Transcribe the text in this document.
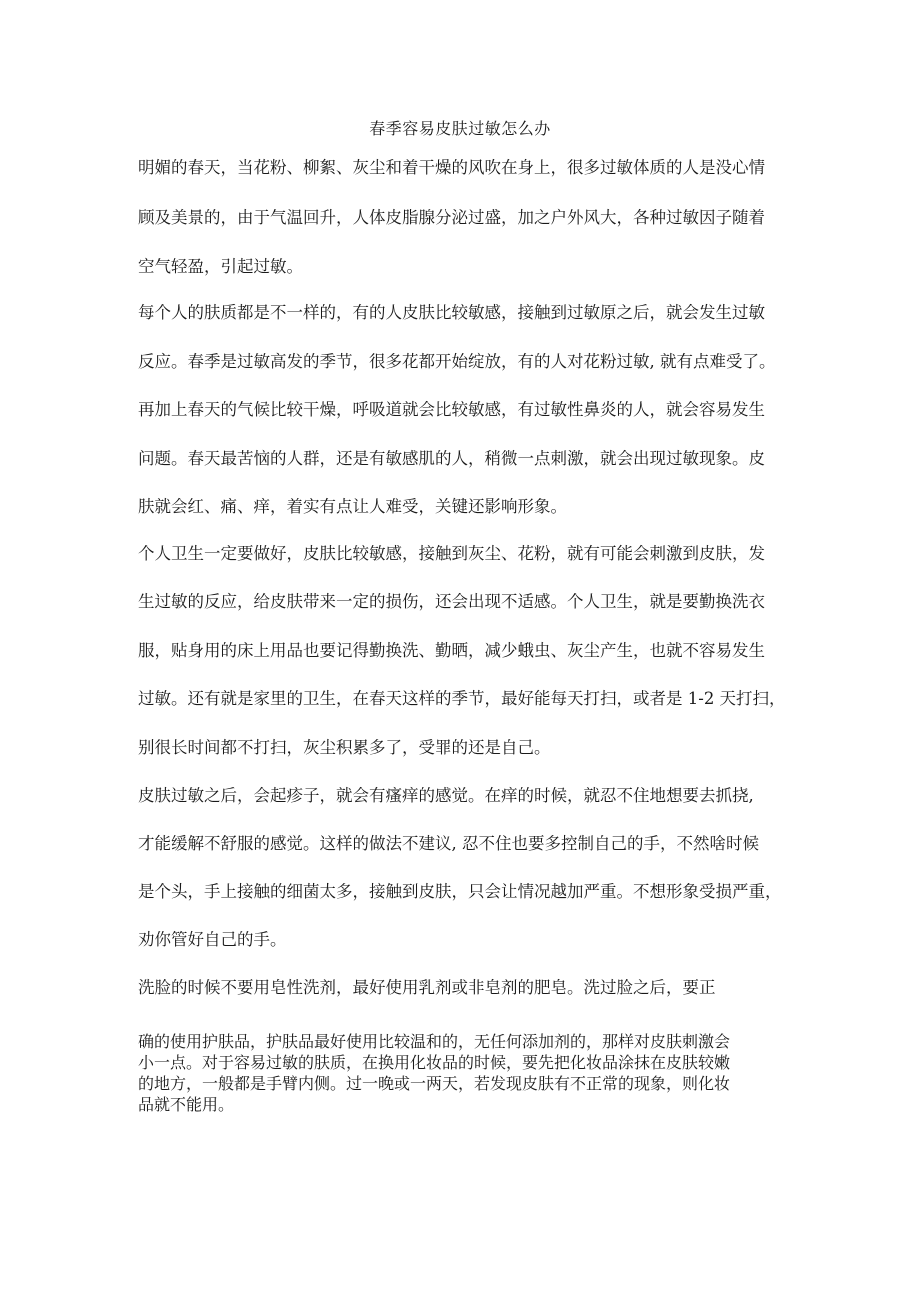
春季容易皮肤过敏怎么办
明媚的春天，当花粉、柳絮、灰尘和着干燥的风吹在身上，很多过敏体质的人是没心情
顾及美景的，由于气温回升，人体皮脂腺分泌过盛，加之户外风大，各种过敏因子随着
空气轻盈，引起过敏。
每个人的肤质都是不一样的，有的人皮肤比较敏感，接触到过敏原之后，就会发生过敏
反应。春季是过敏高发的季节，很多花都开始绽放，有的人对花粉过敏, 就有点难受了。
再加上春天的气候比较干燥，呼吸道就会比较敏感，有过敏性鼻炎的人，就会容易发生
问题。春天最苦恼的人群，还是有敏感肌的人，稍微一点刺激，就会出现过敏现象。皮
肤就会红、痛、痒，着实有点让人难受，关键还影响形象。
个人卫生一定要做好，皮肤比较敏感，接触到灰尘、花粉，就有可能会刺激到皮肤，发
生过敏的反应，给皮肤带来一定的损伤，还会出现不适感。个人卫生，就是要勤换洗衣
服，贴身用的床上用品也要记得勤换洗、勤晒，减少蛾虫、灰尘产生，也就不容易发生
过敏。还有就是家里的卫生，在春天这样的季节，最好能每天打扫，或者是 1-2 天打扫，
别很长时间都不打扫，灰尘积累多了，受罪的还是自己。
皮肤过敏之后，会起疹子，就会有瘙痒的感觉。在痒的时候，就忍不住地想要去抓挠,
才能缓解不舒服的感觉。这样的做法不建议, 忍不住也要多控制自己的手，不然啥时候
是个头，手上接触的细菌太多，接触到皮肤，只会让情况越加严重。不想形象受损严重，
劝你管好自己的手。
洗脸的时候不要用皂性洗剂，最好使用乳剂或非皂剂的肥皂。洗过脸之后，要正
确的使用护肤品，护肤品最好使用比较温和的，无任何添加剂的，那样对皮肤刺激会
小一点。对于容易过敏的肤质，在换用化妆品的时候，要先把化妆品涂抹在皮肤较嫩
的地方，一般都是手臂内侧。过一晚或一两天，若发现皮肤有不正常的现象，则化妆
品就不能用。
